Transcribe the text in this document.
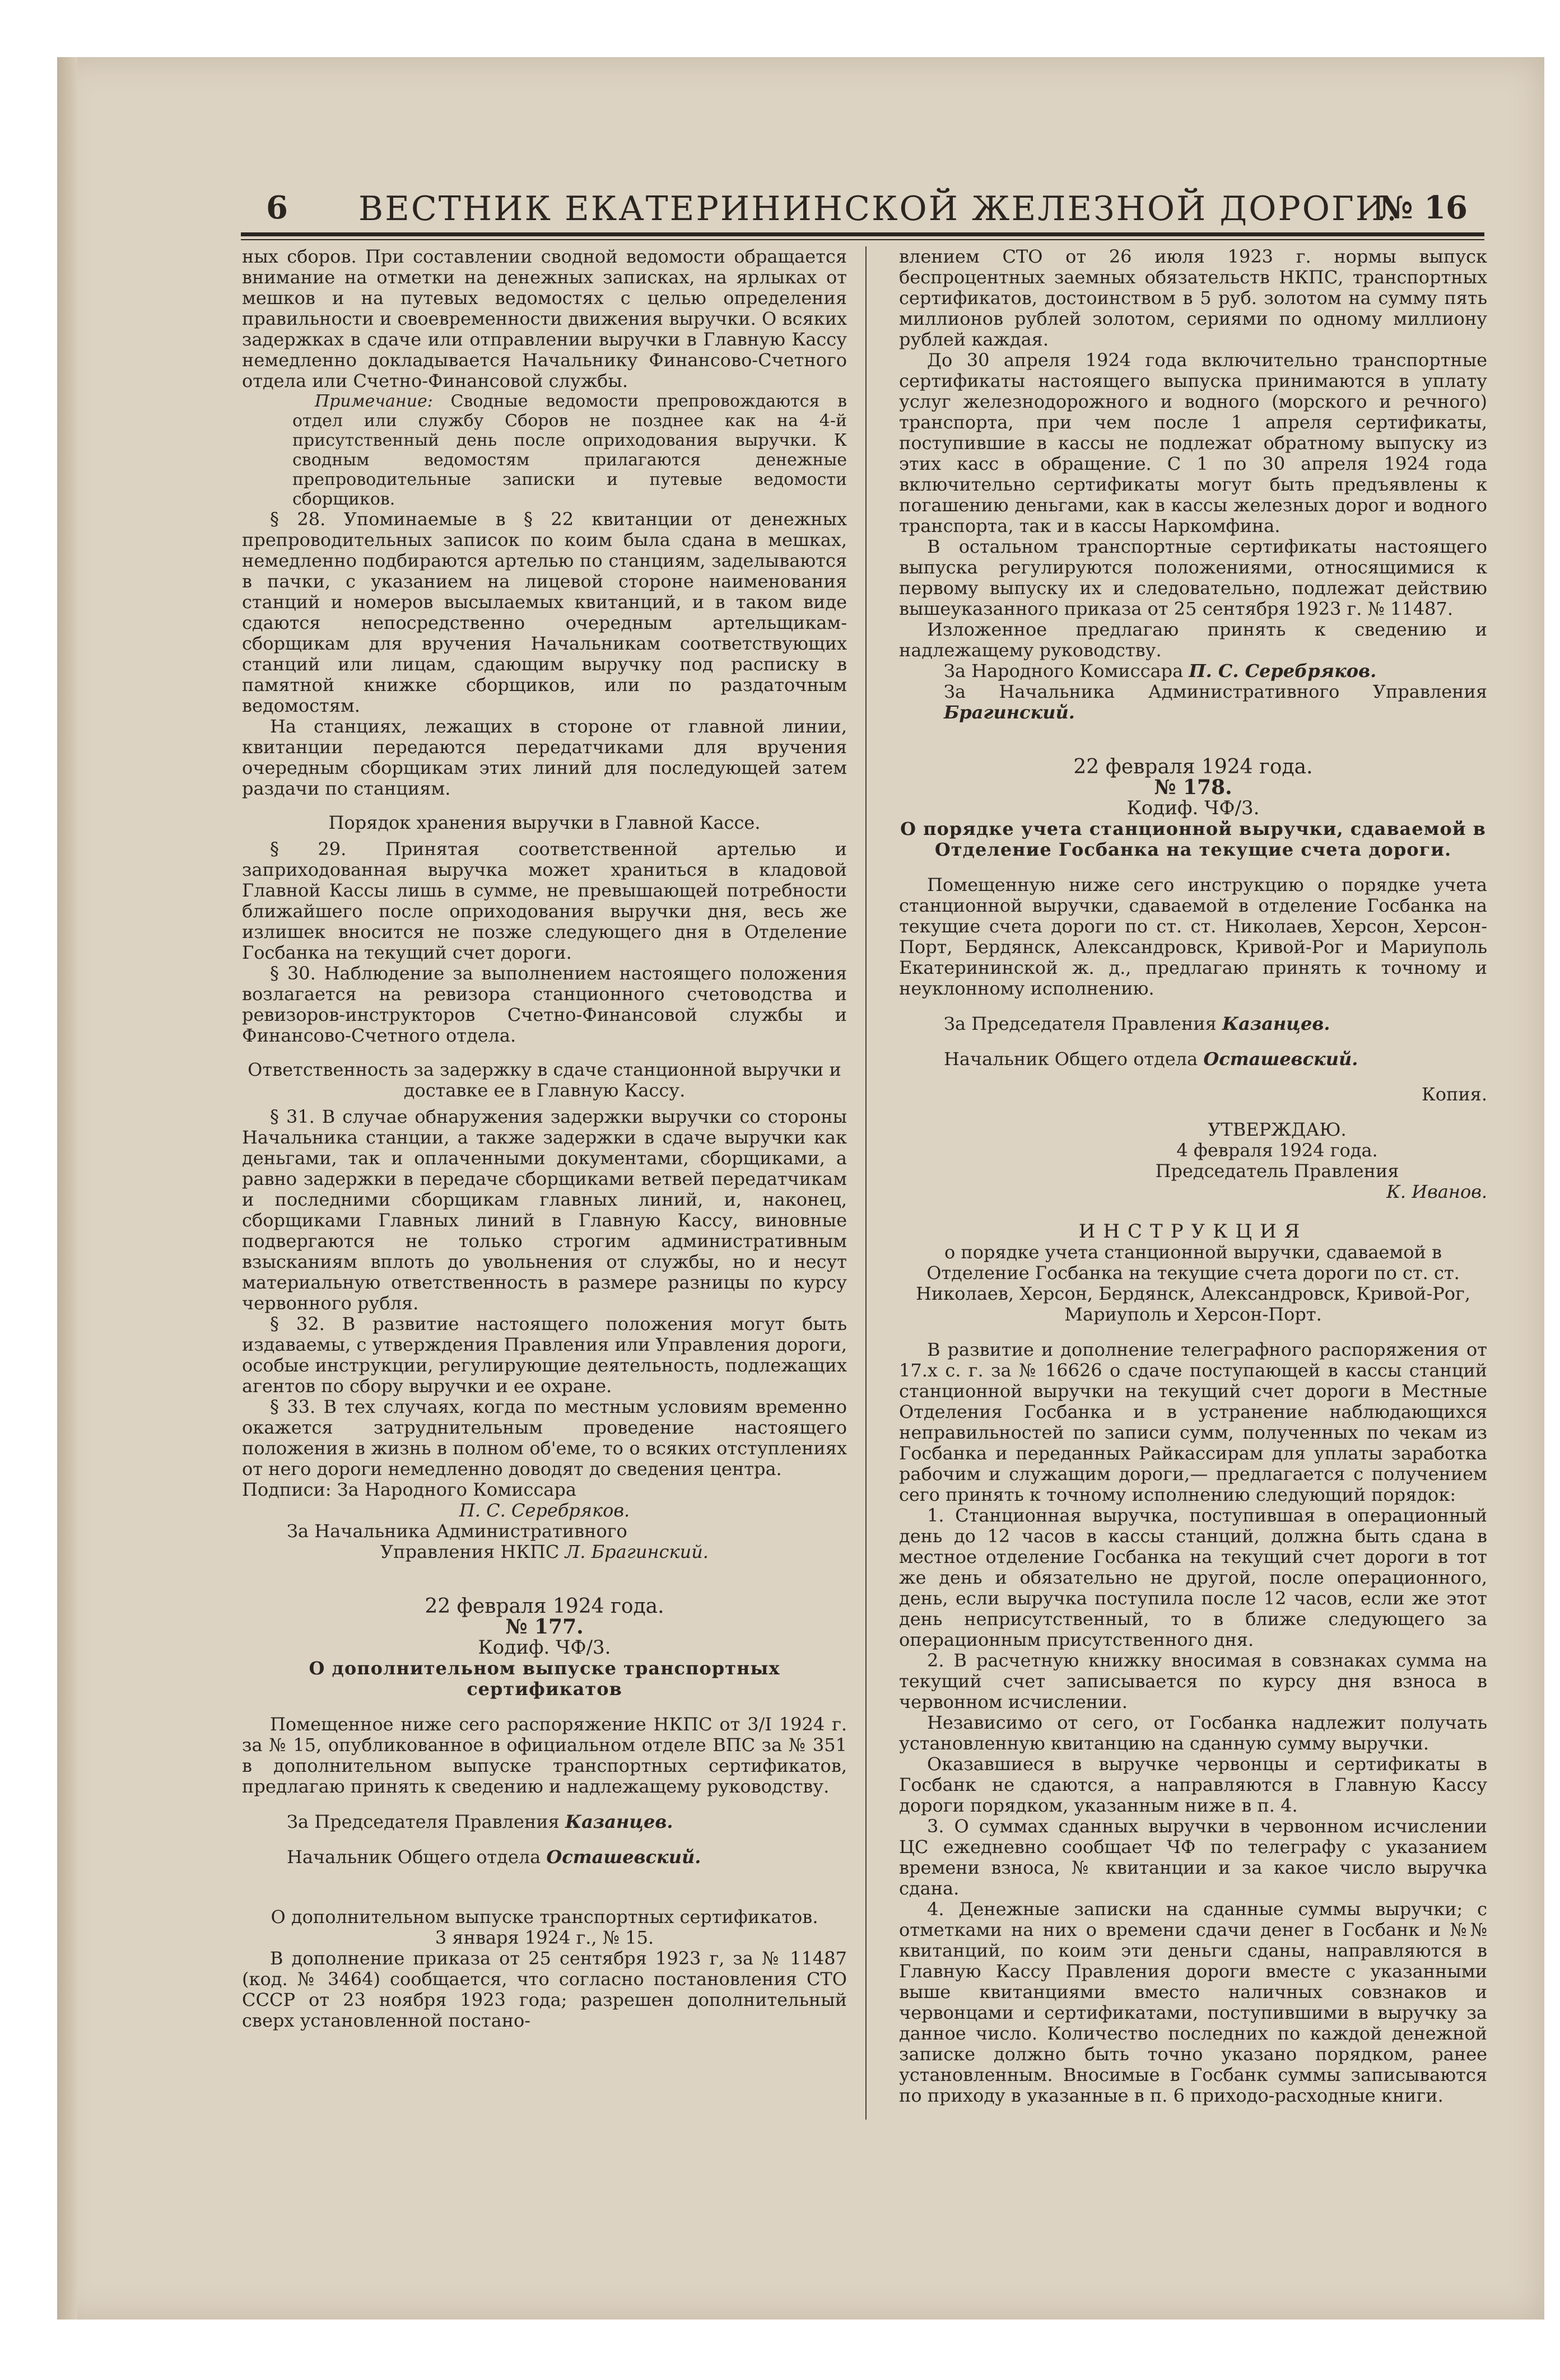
6 ВЕСТНИК ЕКАТЕРИНИНСКОЙ ЖЕЛЕЗНОЙ ДОРОГИ.
№ 16

ных сборов. При составлении сводной ведомости обращается внимание на отметки на денежных записках, на ярлыках от мешков и на путевых ведомостях с целью определения правильности и своевременности движения выручки. О всяких задержках в сдаче или отправлении выручки в Главную Кассу немедленно докладывается Начальнику Финансово-Счетного отдела или Счетно-Финансовой службы.

Примечание: Сводные ведомости препровождаются в отдел или службу Сборов не позднее как на 4-й присутственный день после оприходования выручки. К сводным ведомостям прилагаются денежные препроводительные записки и путевые ведомости сборщиков.

§ 28. Упоминаемые в § 22 квитанции от денежных препроводительных записок по коим была сдана в мешках, немедленно подбираются артелью по станциям, заделываются в пачки, с указанием на лицевой стороне наименования станций и номеров высылаемых квитанций, и в таком виде сдаются непосредственно очередным артельщикам-сборщикам для вручения Начальникам соответствующих станций или лицам, сдающим выручку под расписку в памятной книжке сборщиков, или по раздаточным ведомостям.

На станциях, лежащих в стороне от главной линии, квитанции передаются передатчиками для вручения очередным сборщикам этих линий для последующей затем раздачи по станциям.

Порядок хранения выручки в Главной Кассе.

§ 29. Принятая соответственной артелью и заприходованная выручка может храниться в кладовой Главной Кассы лишь в сумме, не превышающей потребности ближайшего после оприходования выручки дня, весь же излишек вносится не позже следующего дня в Отделение Госбанка на текущий счет дороги.

§ 30. Наблюдение за выполнением настоящего положения возлагается на ревизора станционного счетоводства и ревизоров-инструкторов Счетно-Финансовой службы и Финансово-Счетного отдела.

Ответственность за задержку в сдаче станционной выручки и доставке ее в Главную Кассу.

§ 31. В случае обнаружения задержки выручки со стороны Начальника станции, а также задержки в сдаче выручки как деньгами, так и оплаченными документами, сборщиками, а равно задержки в передаче сборщиками ветвей передатчикам и последними сборщикам главных линий, и, наконец, сборщиками Главных линий в Главную Кассу, виновные подвергаются не только строгим административным взысканиям вплоть до увольнения от службы, но и несут материальную ответственность в размере разницы по курсу червонного рубля.

§ 32. В развитие настоящего положения могут быть издаваемы, с утверждения Правления или Управления дороги, особые инструкции, регулирующие деятельность, подлежащих агентов по сбору выручки и ее охране.

§ 33. В тех случаях, когда по местным условиям временно окажется затруднительным проведение настоящего положения в жизнь в полном об'еме, то о всяких отступлениях от него дороги немедленно доводят до сведения центра.

Подписи: За Народного Комиссара

П. С. Серебряков.

За Начальника Административного

Управления НКПС Л. Брагинский.

22 февраля 1924 года.

№ 177.

Кодиф. ЧФ/3.

О дополнительном выпуске транспортных сертификатов

Помещенное ниже сего распоряжение НКПС от 3/I 1924 г. за № 15, опубликованное в официальном отделе ВПС за № 351 в дополнительном выпуске транспортных сертификатов, предлагаю принять к сведению и надлежащему руководству.

За Председателя Правления Казанцев.

Начальник Общего отдела Осташевский.

О дополнительном выпуске транспортных сертификатов.

3 января 1924 г., № 15.

В дополнение приказа от 25 сентября 1923 г, за № 11487 (код. № 3464) сообщается, что согласно постановления СТО СССР от 23 ноября 1923 года; разрешен дополнительный сверх установленной постано-

влением СТО от 26 июля 1923 г. нормы выпуск беспроцентных заемных обязательств НКПС, транспортных сертификатов, достоинством в 5 руб. золотом на сумму пять миллионов рублей золотом, сериями по одному миллиону рублей каждая.

До 30 апреля 1924 года включительно транспортные сертификаты настоящего выпуска принимаются в уплату услуг железнодорожного и водного (морского и речного) транспорта, при чем после 1 апреля сертификаты, поступившие в кассы не подлежат обратному выпуску из этих касс в обращение. С 1 по 30 апреля 1924 года включительно сертификаты могут быть предъявлены к погашению деньгами, как в кассы железных дорог и водного транспорта, так и в кассы Наркомфина.

В остальном транспортные сертификаты настоящего выпуска регулируются положениями, относящимися к первому выпуску их и следовательно, подлежат действию вышеуказанного приказа от 25 сентября 1923 г. № 11487.

Изложенное предлагаю принять к сведению и надлежащему руководству.

За Народного Комиссара П. С. Серебряков.

За Начальника Административного Управления Брагинский.

22 февраля 1924 года.

№ 178.

Кодиф. ЧФ/3.

О порядке учета станционной выручки, сдаваемой в Отделение Госбанка на текущие счета дороги.

Помещенную ниже сего инструкцию о порядке учета станционной выручки, сдаваемой в отделение Госбанка на текущие счета дороги по ст. ст. Николаев, Херсон, Херсон-Порт, Бердянск, Александровск, Кривой-Рог и Мариуполь Екатерининской ж. д., предлагаю принять к точному и неуклонному исполнению.

За Председателя Правления Казанцев.

Начальник Общего отдела Осташевский.

Копия.

УТВЕРЖДАЮ.

4 февраля 1924 года.

Председатель Правления

К. Иванов.

ИНСТРУКЦИЯ

о порядке учета станционной выручки, сдаваемой в Отделение Госбанка на текущие счета дороги по ст. ст. Николаев, Херсон, Бердянск, Александровск, Кривой-Рог, Мариуполь и Херсон-Порт.

В развитие и дополнение телеграфного распоряжения от 17.х с. г. за № 16626 о сдаче поступающей в кассы станций станционной выручки на текущий счет дороги в Местные Отделения Госбанка и в устранение наблюдающихся неправильностей по записи сумм, полученных по чекам из Госбанка и переданных Райкассирам для уплаты заработка рабочим и служащим дороги,— предлагается с получением сего принять к точному исполнению следующий порядок:

1. Станционная выручка, поступившая в операционный день до 12 часов в кассы станций, должна быть сдана в местное отделение Госбанка на текущий счет дороги в тот же день и обязательно не другой, после операционного, день, если выручка поступила после 12 часов, если же этот день неприсутственный, то в ближе следующего за операционным присутственного дня.

2. В расчетную книжку вносимая в совзнаках сумма на текущий счет записывается по курсу дня взноса в червонном исчислении.

Независимо от сего, от Госбанка надлежит получать установленную квитанцию на сданную сумму выручки.

Оказавшиеся в выручке червонцы и сертификаты в Госбанк не сдаются, а направляются в Главную Кассу дороги порядком, указанным ниже в п. 4.

3. О суммах сданных выручки в червонном исчислении ЦС ежедневно сообщает ЧФ по телеграфу с указанием времени взноса, № квитанции и за какое число выручка сдана.

4. Денежные записки на сданные суммы выручки; с отметками на них о времени сдачи денег в Госбанк и №№ квитанций, по коим эти деньги сданы, направляются в Главную Кассу Правления дороги вместе с указанными выше квитанциями вместо наличных совзнаков и червонцами и сертификатами, поступившими в выручку за данное число. Количество последних по каждой денежной записке должно быть точно указано порядком, ранее установленным. Вносимые в Госбанк суммы записываются по приходу в указанные в п. 6 приходо-расходные книги.
